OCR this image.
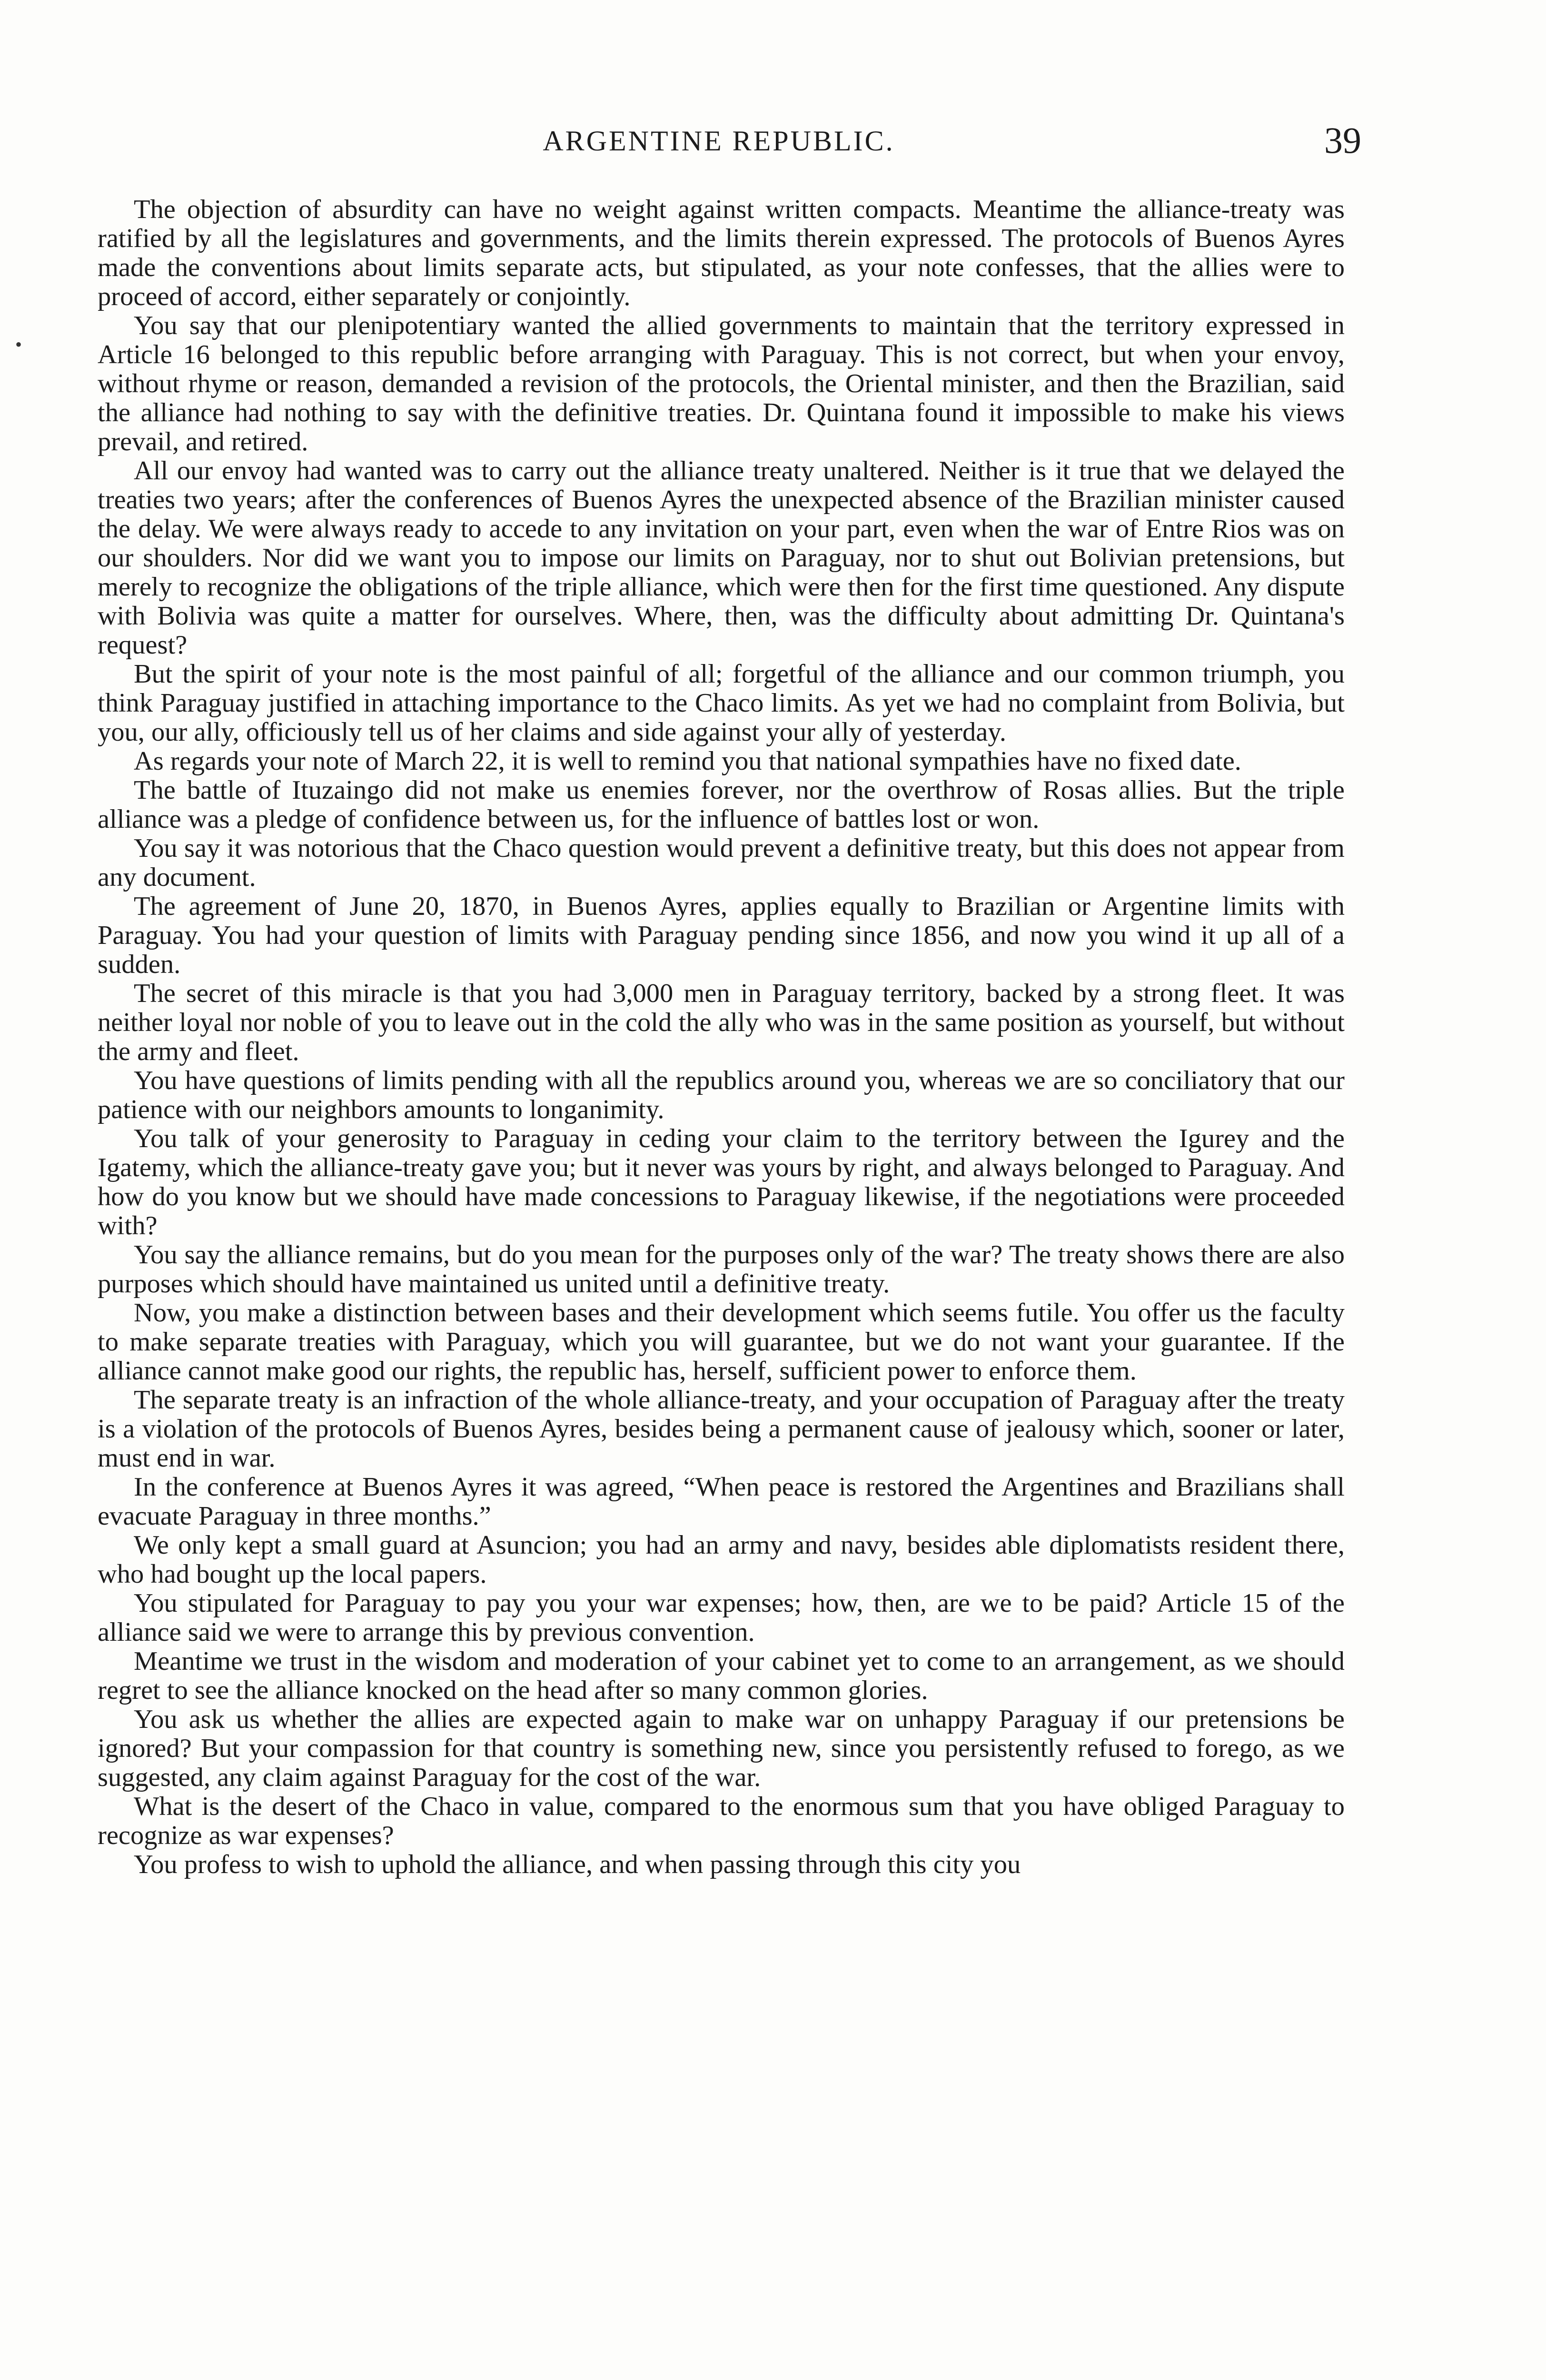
ARGENTINE REPUBLIC.	39
•

The objection of absurdity can have no weight against written compacts. Meantime the alliance-treaty was ratified by all the legislatures and governments, and the limits therein expressed. The protocols of Buenos Ayres made the conventions about limits separate acts, but stipulated, as your note confesses, that the allies were to proceed of accord, either separately or conjointly.

You say that our plenipotentiary wanted the allied governments to maintain that the territory expressed in Article 16 belonged to this republic before arranging with Paraguay. This is not correct, but when your envoy, without rhyme or reason, demanded a revision of the protocols, the Oriental minister, and then the Brazilian, said the alliance had nothing to say with the definitive treaties. Dr. Quintana found it impossible to make his views prevail, and retired.

All our envoy had wanted was to carry out the alliance treaty unaltered. Neither is it true that we delayed the treaties two years; after the conferences of Buenos Ayres the unexpected absence of the Brazilian minister caused the delay. We were always ready to accede to any invitation on your part, even when the war of Entre Rios was on our shoulders. Nor did we want you to impose our limits on Paraguay, nor to shut out Bolivian pretensions, but merely to recognize the obligations of the triple alliance, which were then for the first time questioned. Any dispute with Bolivia was quite a matter for ourselves. Where, then, was the difficulty about admitting Dr. Quintana's request?

But the spirit of your note is the most painful of all; forgetful of the alliance and our common triumph, you think Paraguay justified in attaching importance to the Chaco limits. As yet we had no complaint from Bolivia, but you, our ally, officiously tell us of her claims and side against your ally of yesterday.

As regards your note of March 22, it is well to remind you that national sympathies have no fixed date.

The battle of Ituzaingo did not make us enemies forever, nor the overthrow of Rosas allies. But the triple alliance was a pledge of confidence between us, for the influence of battles lost or won.

You say it was notorious that the Chaco question would prevent a definitive treaty, but this does not appear from any document.

The agreement of June 20, 1870, in Buenos Ayres, applies equally to Brazilian or Argentine limits with Paraguay. You had your question of limits with Paraguay pending since 1856, and now you wind it up all of a sudden.

The secret of this miracle is that you had 3,000 men in Paraguay territory, backed by a strong fleet. It was neither loyal nor noble of you to leave out in the cold the ally who was in the same position as yourself, but without the army and fleet.

You have questions of limits pending with all the republics around you, whereas we are so conciliatory that our patience with our neighbors amounts to longanimity.

You talk of your generosity to Paraguay in ceding your claim to the territory between the Igurey and the Igatemy, which the alliance-treaty gave you; but it never was yours by right, and always belonged to Paraguay. And how do you know but we should have made concessions to Paraguay likewise, if the negotiations were proceeded with?

You say the alliance remains, but do you mean for the purposes only of the war? The treaty shows there are also purposes which should have maintained us united until a definitive treaty.

Now, you make a distinction between bases and their development which seems futile. You offer us the faculty to make separate treaties with Paraguay, which you will guarantee, but we do not want your guarantee. If the alliance cannot make good our rights, the republic has, herself, sufficient power to enforce them.

The separate treaty is an infraction of the whole alliance-treaty, and your occupation of Paraguay after the treaty is a violation of the protocols of Buenos Ayres, besides being a permanent cause of jealousy which, sooner or later, must end in war.

In the conference at Buenos Ayres it was agreed, “When peace is restored the Argentines and Brazilians shall evacuate Paraguay in three months.”

We only kept a small guard at Asuncion; you had an army and navy, besides able diplomatists resident there, who had bought up the local papers.

You stipulated for Paraguay to pay you your war expenses; how, then, are we to be paid? Article 15 of the alliance said we were to arrange this by previous convention.

Meantime we trust in the wisdom and moderation of your cabinet yet to come to an arrangement, as we should regret to see the alliance knocked on the head after so many common glories.

You ask us whether the allies are expected again to make war on unhappy Paraguay if our pretensions be ignored? But your compassion for that country is something new, since you persistently refused to forego, as we suggested, any claim against Paraguay for the cost of the war.

What is the desert of the Chaco in value, compared to the enormous sum that you have obliged Paraguay to recognize as war expenses?

You profess to wish to uphold the alliance, and when passing through this city you
